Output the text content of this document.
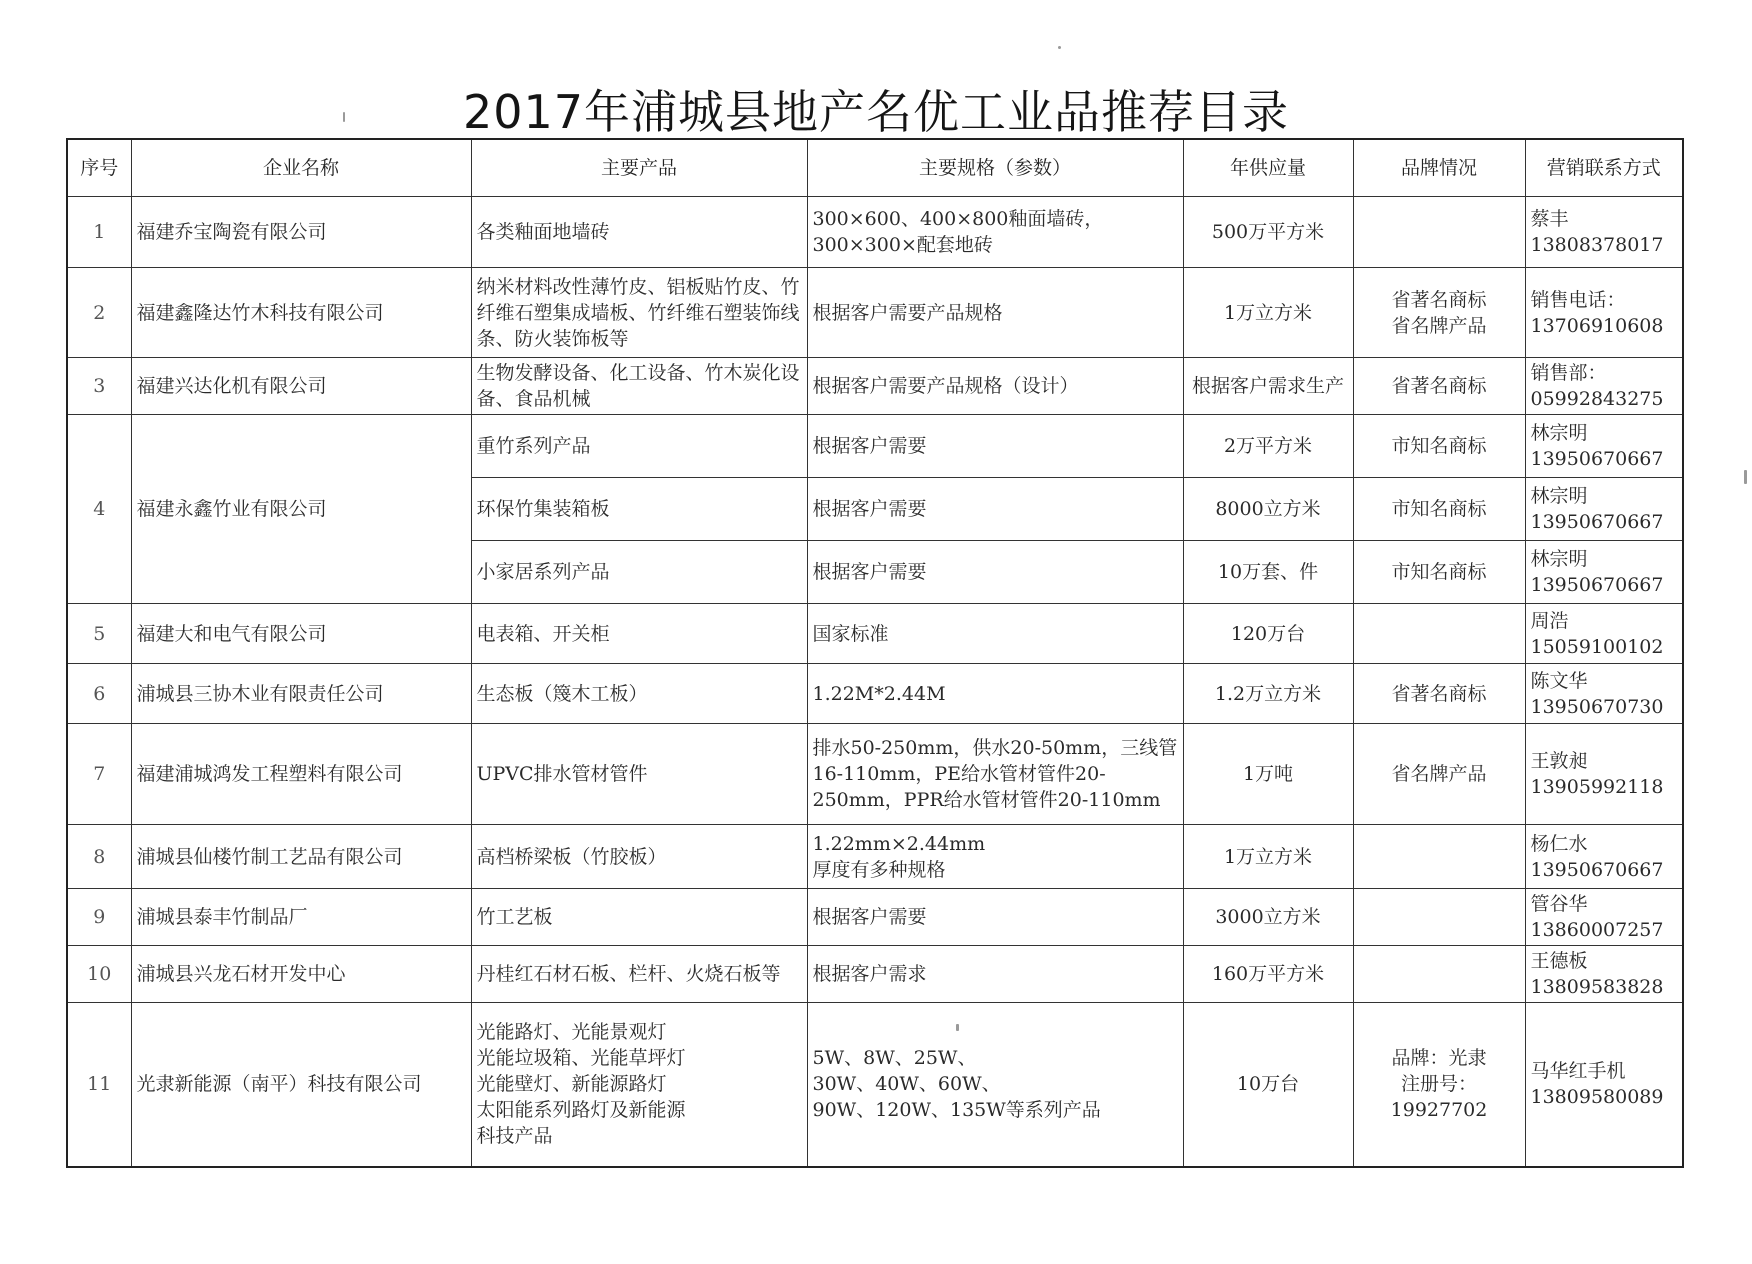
2017年浦城县地产名优工业品推荐目录
序号	企业名称	主要产品	主要规格（参数）	年供应量	品牌情况	营销联系方式
1	福建乔宝陶瓷有限公司	各类釉面地墙砖	300×600、400×800釉面墙砖，300×300×配套地砖	500万平方米		蔡丰
13808378017

2	福建鑫隆达竹木科技有限公司	纳米材料改性薄竹皮、铝板贴竹皮、竹纤维石塑集成墙板、竹纤维石塑装饰线条、防火装饰板等	根据客户需要产品规格	1万立方米	省著名商标
省名牌产品	销售电话：
13706910608

3	福建兴达化机有限公司	生物发酵设备、化工设备、竹木炭化设备、食品机械	根据客户需要产品规格（设计）	根据客户需求生产	省著名商标	销售部：
05992843275

4	福建永鑫竹业有限公司	重竹系列产品	根据客户需要	2万平方米	市知名商标	林宗明
13950670667

		环保竹集装箱板	根据客户需要	8000立方米	市知名商标	林宗明
13950670667

		小家居系列产品	根据客户需要	10万套、件	市知名商标	林宗明
13950670667

5	福建大和电气有限公司	电表箱、开关柜	国家标准	120万台		周浩
15059100102

6	浦城县三协木业有限责任公司	生态板（篾木工板）	1.22M*2.44M	1.2万立方米	省著名商标	陈文华
13950670730

7	福建浦城鸿发工程塑料有限公司	UPVC排水管材管件	排水50-250mm，供水20-50mm，三线管16-110mm，PE给水管材管件20-250mm，PPR给水管材管件20-110mm	1万吨	省名牌产品	王敦昶
13905992118

8	浦城县仙楼竹制工艺品有限公司	高档桥梁板（竹胶板）	1.22mm×2.44mm
厚度有多种规格	1万立方米		杨仁水
13950670667

9	浦城县泰丰竹制品厂	竹工艺板	根据客户需要	3000立方米		管谷华
13860007257

10	浦城县兴龙石材开发中心	丹桂红石材石板、栏杆、火烧石板等	根据客户需求	160万平方米		王德板
13809583828

11	光隶新能源（南平）科技有限公司	光能路灯、光能景观灯
光能垃圾箱、光能草坪灯
光能壁灯、新能源路灯
太阳能系列路灯及新能源
科技产品	5W、8W、25W、
30W、40W、60W、
90W、120W、135W等系列产品	10万台	品牌：光隶
注册号：
19927702	马华红手机
13809580089
